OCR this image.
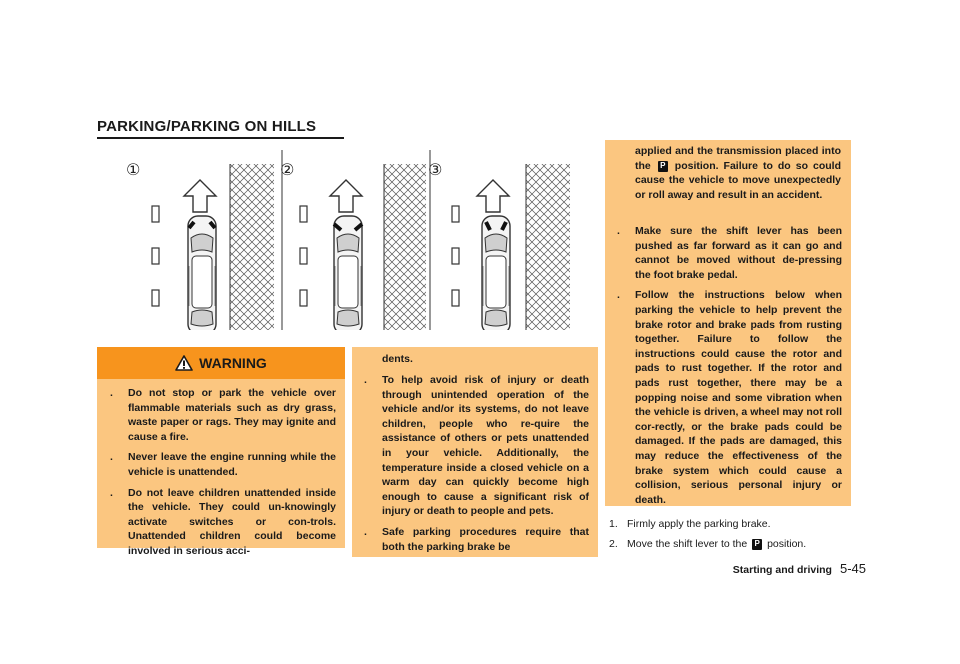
PARKING/PARKING ON HILLS
①	②	③
WARNING
. Do not stop or park the vehicle over flammable materials such as dry grass, waste paper or rags. They may ignite and cause a fire.
. Never leave the engine running while the vehicle is unattended.
. Do not leave children unattended inside the vehicle. They could un-knowingly activate switches or con-trols. Unattended children could become involved in serious acci-
dents.
. To help avoid risk of injury or death through unintended operation of the vehicle and/or its systems, do not leave children, people who re-quire the assistance of others or pets unattended in your vehicle. Additionally, the temperature inside a closed vehicle on a warm day can quickly become high enough to cause a significant risk of injury or death to people and pets.
. Safe parking procedures require that both the parking brake be
applied and the transmission placed into the P position. Failure to do so could cause the vehicle to move unexpectedly or roll away and result in an accident.
. Make sure the shift lever has been pushed as far forward as it can go and cannot be moved without de-pressing the foot brake pedal.
. Follow the instructions below when parking the vehicle to help prevent the brake rotor and brake pads from rusting together. Failure to follow the instructions could cause the rotor and pads to rust together. If the rotor and pads rust together, there may be a popping noise and some vibration when the vehicle is driven, a wheel may not roll cor-rectly, or the brake pads could be damaged. If the pads are damaged, this may reduce the effectiveness of the brake system which could cause a collision, serious personal injury or death.
1. Firmly apply the parking brake.
2. Move the shift lever to the P position.
Starting and driving 5-45
